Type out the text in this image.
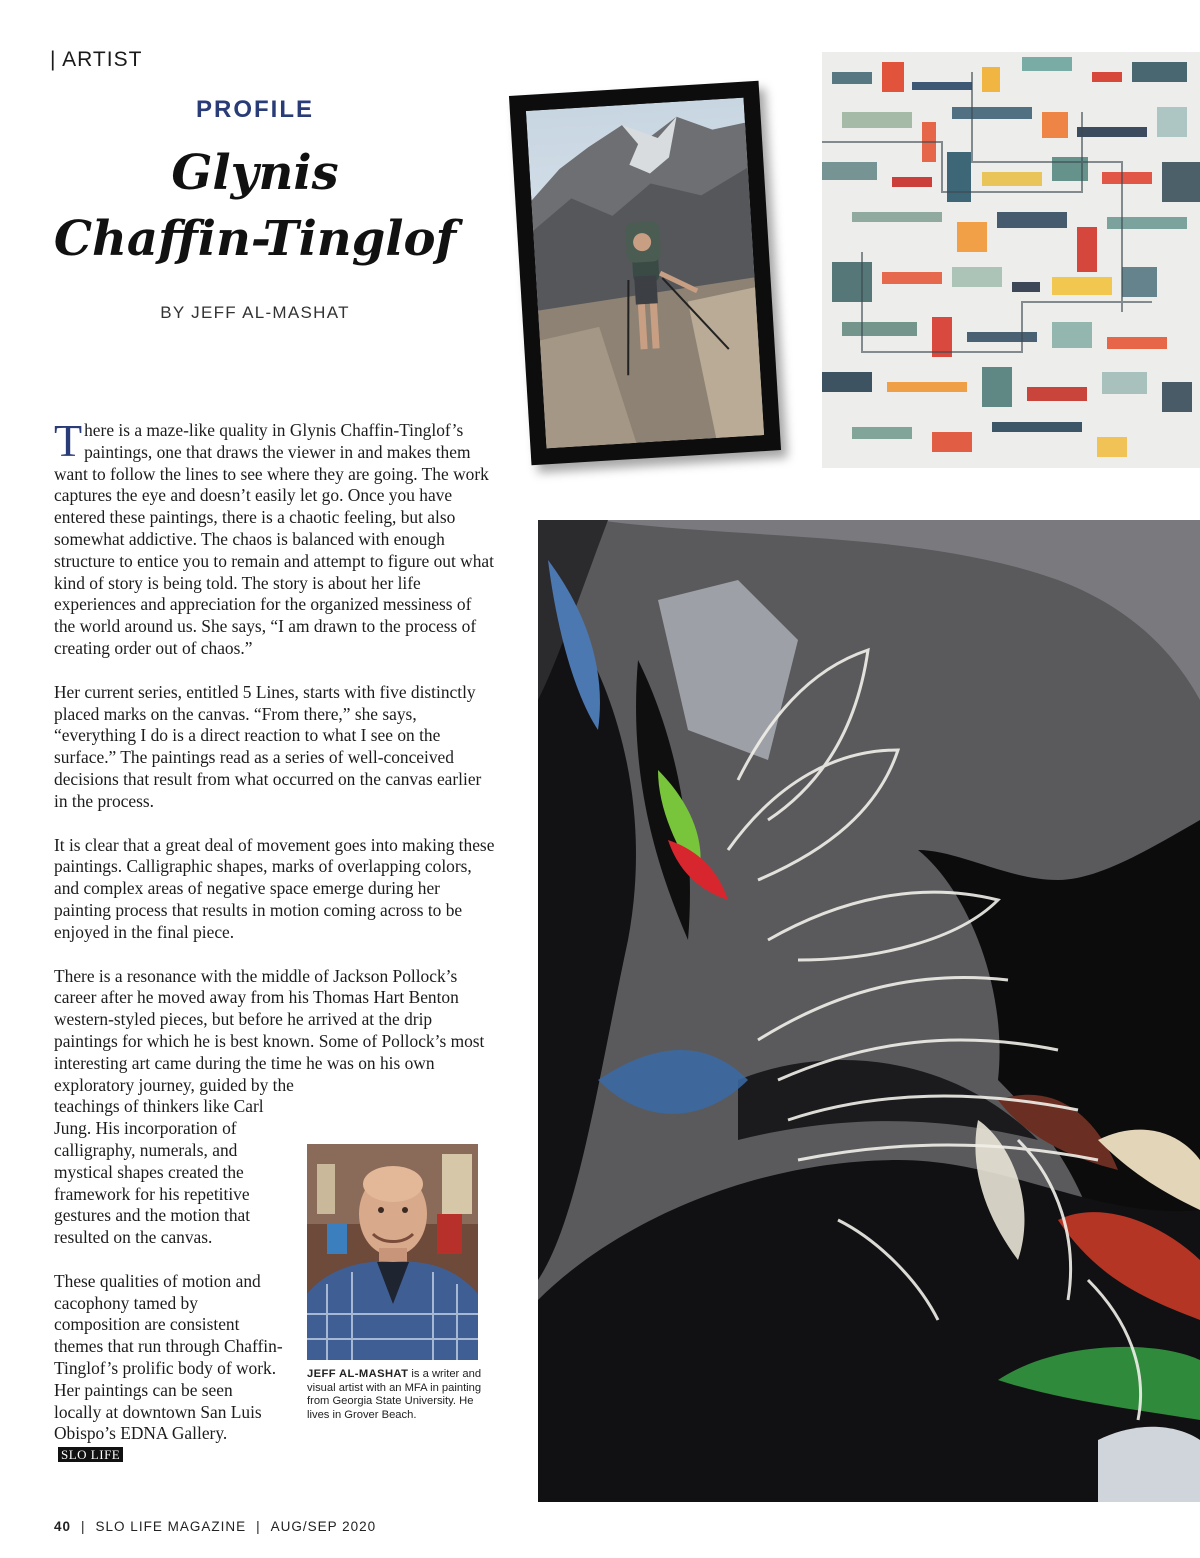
| ARTIST
PROFILE
Glynis
Chaffin-Tinglof
BY JEFF AL-MASHAT

There is a maze-like quality in Glynis Chaffin-Tinglof’s paintings, one that draws the viewer in and makes them want to follow the lines to see where they are going. The work captures the eye and doesn’t easily let go. Once you have entered these paintings, there is a chaotic feeling, but also somewhat addictive. The chaos is balanced with enough structure to entice you to remain and attempt to figure out what kind of story is being told. The story is about her life experiences and appreciation for the organized messiness of the world around us. She says, “I am drawn to the process of creating order out of chaos.”

Her current series, entitled 5 Lines, starts with five distinctly placed marks on the canvas. “From there,” she says, “everything I do is a direct reaction to what I see on the surface.” The paintings read as a series of well-conceived decisions that result from what occurred on the canvas earlier in the process.

It is clear that a great deal of movement goes into making these paintings. Calligraphic shapes, marks of overlapping colors, and complex areas of negative space emerge during her painting process that results in motion coming across to be enjoyed in the final piece.

There is a resonance with the middle of Jackson Pollock’s career after he moved away from his Thomas Hart Benton western-styled pieces, but before he arrived at the drip paintings for which he is best known. Some of Pollock’s most interesting art came during the time he was on his own exploratory journey, guided by the

teachings of thinkers like Carl Jung. His incorporation of calligraphy, numerals, and mystical shapes created the framework for his repetitive gestures and the motion that resulted on the canvas.

These qualities of motion and cacophony tamed by composition are consistent themes that run through Chaffin-Tinglof’s prolific body of work. Her paintings can be seen locally at downtown San Luis Obispo’s EDNA Gallery.SLO LIFE

JEFF AL-MASHAT is a writer and visual artist with an MFA in painting from Georgia State University. He lives in Grover Beach.
40 | SLO LIFE MAGAZINE | AUG/SEP 2020
